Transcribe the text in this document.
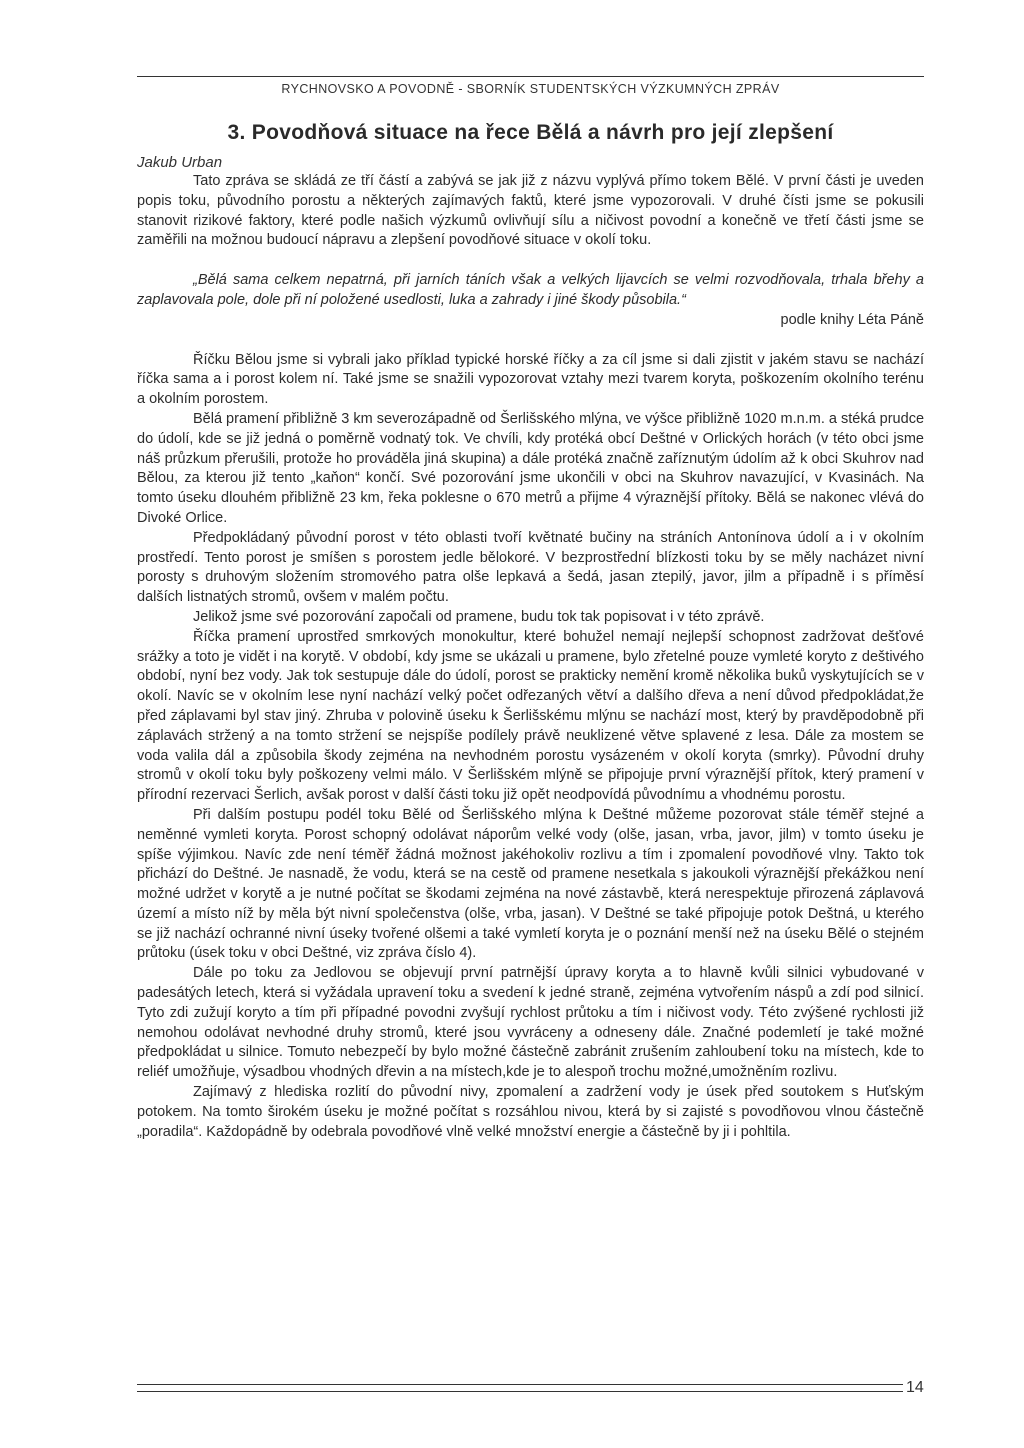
RYCHNOVSKO A POVODNĚ - SBORNÍK STUDENTSKÝCH VÝZKUMNÝCH ZPRÁV
3. Povodňová situace na řece Bělá a návrh pro její zlepšení
Jakub Urban

Tato zpráva se skládá ze tří částí a zabývá se jak již z názvu vyplývá přímo tokem Bělé. V první části je uveden popis toku, původního porostu a některých zajímavých faktů, které jsme vypozorovali. V druhé čísti jsme se pokusili stanovit rizikové faktory, které podle našich výzkumů ovlivňují sílu a ničivost povodní a konečně ve třetí části jsme se zaměřili na možnou budoucí nápravu a zlepšení povodňové situace v okolí toku.

„Bělá sama celkem nepatrná, při jarních táních však a velkých lijavcích se velmi rozvodňovala, trhala břehy a zaplavovala pole, dole při ní položené usedlosti, luka a zahrady i jiné škody působila.“

podle knihy Léta Páně

Říčku Bělou jsme si vybrali jako příklad typické horské říčky a za cíl jsme si dali zjistit v jakém stavu se nachází říčka sama a i porost kolem ní. Také jsme se snažili vypozorovat vztahy mezi tvarem koryta, poškozením okolního terénu a okolním porostem.

Bělá pramení přibližně 3 km severozápadně od Šerlišského mlýna, ve výšce přibližně 1020 m.n.m. a stéká prudce do údolí, kde se již jedná o poměrně vodnatý tok. Ve chvíli, kdy protéká obcí Deštné v Orlických horách (v této obci jsme náš průzkum přerušili, protože ho prováděla jiná skupina) a dále protéká značně zaříznutým údolím až k obci Skuhrov nad Bělou, za kterou již tento „kaňon“ končí. Své pozorování jsme ukončili v obci na Skuhrov navazující, v Kvasinách. Na tomto úseku dlouhém přibližně 23 km, řeka poklesne o 670 metrů a přijme 4 výraznější přítoky. Bělá se nakonec vlévá do Divoké Orlice.

Předpokládaný původní porost v této oblasti tvoří květnaté bučiny na stráních Antonínova údolí a i v okolním prostředí. Tento porost je smíšen s porostem jedle bělokoré. V bezprostřední blízkosti toku by se měly nacházet nivní porosty s druhovým složením stromového patra olše lepkavá a šedá, jasan ztepilý, javor, jilm a případně i s příměsí dalších listnatých stromů, ovšem v malém počtu.

Jelikož jsme své pozorování započali od pramene, budu tok tak popisovat i v této zprávě.

Říčka pramení uprostřed smrkových monokultur, které bohužel nemají nejlepší schopnost zadržovat dešťové srážky a toto je vidět i na korytě. V období, kdy jsme se ukázali u pramene, bylo zřetelné pouze vymleté koryto z deštivého období, nyní bez vody. Jak tok sestupuje dále do údolí, porost se prakticky nemění kromě několika buků vyskytujících se v okolí. Navíc se v okolním lese nyní nachází velký počet odřezaných větví a dalšího dřeva a není důvod předpokládat,že před záplavami byl stav jiný. Zhruba v polovině úseku k Šerlišskému mlýnu se nachází most, který by pravděpodobně při záplavách stržený a na tomto stržení se nejspíše podílely právě neuklizené větve splavené z lesa. Dále za mostem se voda valila dál a způsobila škody zejména na nevhodném porostu vysázeném v okolí koryta (smrky). Původní druhy stromů v okolí toku byly poškozeny velmi málo. V Šerlišském mlýně se připojuje první výraznější přítok, který pramení v přírodní rezervaci Šerlich, avšak porost v další části toku již opět neodpovídá původnímu a vhodnému porostu.

Při dalším postupu podél toku Bělé od Šerlišského mlýna k Deštné můžeme pozorovat stále téměř stejné a neměnné vymleti koryta. Porost schopný odolávat náporům velké vody (olše, jasan, vrba, javor, jilm) v tomto úseku je spíše výjimkou. Navíc zde není téměř žádná možnost jakéhokoliv rozlivu a tím i zpomalení povodňové vlny. Takto tok přichází do Deštné. Je nasnadě, že vodu, která se na cestě od pramene nesetkala s jakoukoli výraznější překážkou není možné udržet v korytě a je nutné počítat se škodami zejména na nové zástavbě, která nerespektuje přirozená záplavová území a místo níž by měla být nivní společenstva (olše, vrba, jasan). V Deštné se také připojuje potok Deštná, u kterého se již nachází ochranné nivní úseky tvořené olšemi a také vymletí koryta je o poznání menší než na úseku Bělé o stejném průtoku (úsek toku v obci Deštné, viz zpráva číslo 4).

Dále po toku za Jedlovou se objevují první patrnější úpravy koryta a to hlavně kvůli silnici vybudované v padesátých letech, která si vyžádala upravení toku a svedení k jedné straně, zejména vytvořením náspů a zdí pod silnicí. Tyto zdi zužují koryto a tím při případné povodni zvyšují rychlost průtoku a tím i ničivost vody. Této zvýšené rychlosti již nemohou odolávat nevhodné druhy stromů, které jsou vyvráceny a odneseny dále. Značné podemletí je také možné předpokládat u silnice. Tomuto nebezpečí by bylo možné částečně zabránit zrušením zahloubení toku na místech, kde to reliéf umožňuje, výsadbou vhodných dřevin a na místech,kde je to alespoň trochu možné,umožněním rozlivu.

Zajímavý z hlediska rozlití do původní nivy, zpomalení a zadržení vody je úsek před soutokem s Huťským potokem. Na tomto širokém úseku je možné počítat s rozsáhlou nivou, která by si zajisté s povodňovou vlnou částečně „poradila“. Každopádně by odebrala povodňové vlně velké množství energie a částečně by ji i pohltila.

14
